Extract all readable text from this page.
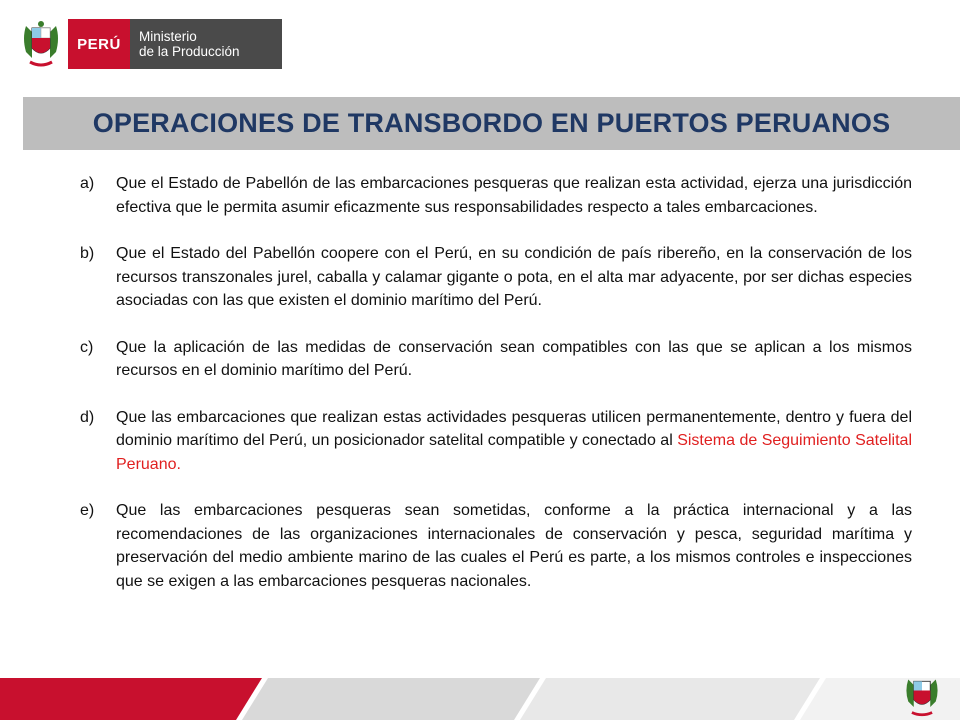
PERÚ	Ministerio
de la Producción
OPERACIONES DE TRANSBORDO EN PUERTOS PERUANOS
a)	Que el Estado de Pabellón de las embarcaciones pesqueras que realizan esta actividad, ejerza una jurisdicción efectiva que le permita asumir eficazmente sus responsabilidades respecto a tales embarcaciones.
b)	Que el Estado del Pabellón coopere con el Perú, en su condición de país ribereño, en la conservación de los recursos transzonales jurel, caballa y calamar gigante o pota, en el alta mar adyacente, por ser dichas especies asociadas con las que existen el dominio marítimo del Perú.
c)	Que la aplicación de las medidas de conservación sean compatibles con las que se aplican a los mismos recursos en el dominio marítimo del Perú.
d)	Que las embarcaciones que realizan estas actividades pesqueras utilicen permanentemente, dentro y fuera del dominio marítimo del Perú, un posicionador satelital compatible y conectado al Sistema de Seguimiento Satelital Peruano.
e)	Que las embarcaciones pesqueras sean sometidas, conforme a la práctica internacional y a las recomendaciones de las organizaciones internacionales de conservación y pesca, seguridad marítima y preservación del medio ambiente marino de las cuales el Perú es parte, a los mismos controles e inspecciones que se exigen a las embarcaciones pesqueras nacionales.
